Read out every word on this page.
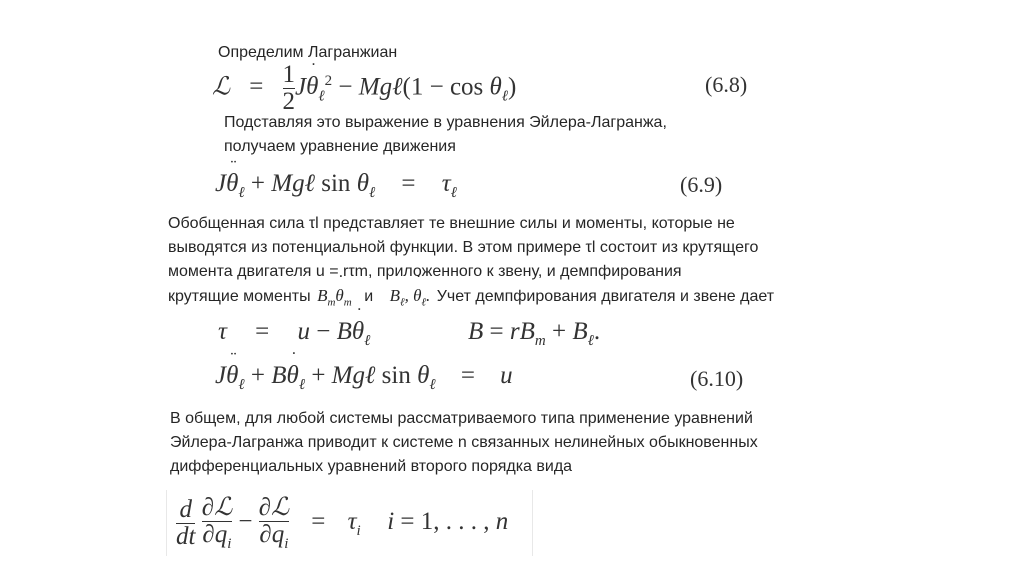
Определим Лагранжиан
ℒ = $\frac{1}{2}$ J˙ $\theta_\ell^2$ − Mgℓ(1 − $\cos \theta_\ell$)	(6.8)
Подставляя это выражение в уравнения Эйлера-Лагранжа,
получаем уравнение движения
J¨ $\theta_\ell$ + Mgℓ $\sin \theta_\ell = \tau_\ell$	(6.9)
Обобщенная сила τl представляет те внешние силы и моменты, которые не
выводятся из потенциальной функции. В этом примере τl состоит из крутящего
момента двигателя u = rτm, приложенного к звену, и демпфирования
крутящие моменты $B_m˙$ $\theta_m$ и $B_\ell$, ˙ $\theta_\ell$. Учет демпфирования двигателя и звене дает
τ = u − B˙ $\theta_\ell$	$B = rB_m + B_\ell$.
J¨ $\theta_\ell$ + B˙ $\theta_\ell$ + Mgℓ $\sin \theta_\ell = u$	(6.10)
В общем, для любой системы рассматриваемого типа применение уравнений
Эйлера-Лагранжа приводит к системе n связанных нелинейных обыкновенных
дифференциальных уравнений второго порядка вида
$\frac{d}{dt}$
$\frac{\text{∂ℒ}}{\partial˙ q_i} - \frac{\text{∂ℒ}}{\partial q_i} = \tau_i$ i = 1, . . . , n
